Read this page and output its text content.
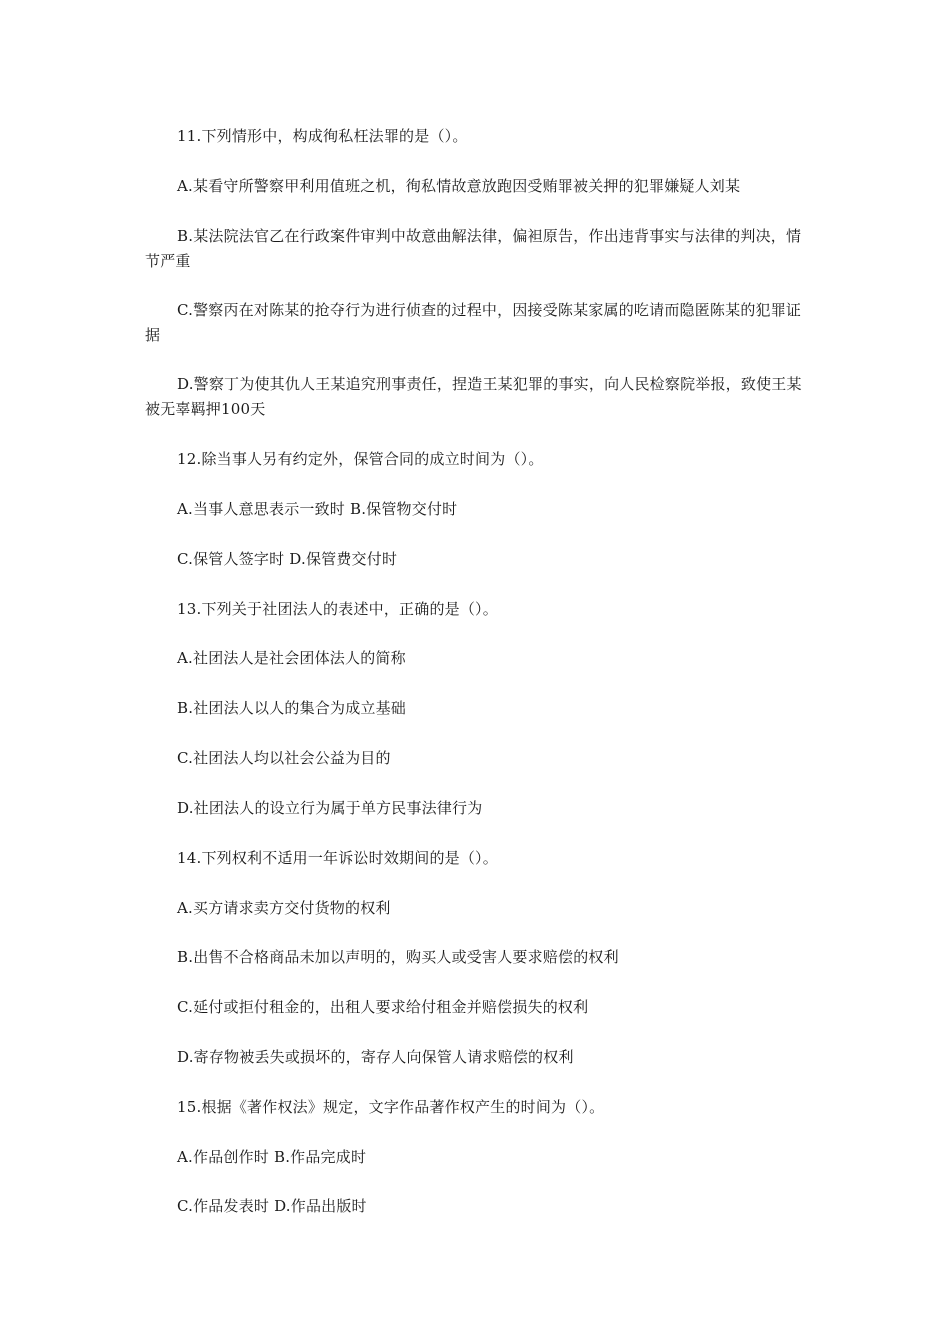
11.下列情形中，构成徇私枉法罪的是（）。

A.某看守所警察甲利用值班之机，徇私情故意放跑因受贿罪被关押的犯罪嫌疑人刘某

B.某法院法官乙在行政案件审判中故意曲解法律，偏袒原告，作出违背事实与法律的判决，情节严重

C.警察丙在对陈某的抢夺行为进行侦查的过程中，因接受陈某家属的吃请而隐匿陈某的犯罪证据

D.警察丁为使其仇人王某追究刑事责任，捏造王某犯罪的事实，向人民检察院举报，致使王某被无辜羁押100天

12.除当事人另有约定外，保管合同的成立时间为（）。

A.当事人意思表示一致时 B.保管物交付时

C.保管人签字时 D.保管费交付时

13.下列关于社团法人的表述中，正确的是（）。

A.社团法人是社会团体法人的简称

B.社团法人以人的集合为成立基础

C.社团法人均以社会公益为目的

D.社团法人的设立行为属于单方民事法律行为

14.下列权利不适用一年诉讼时效期间的是（）。

A.买方请求卖方交付货物的权利

B.出售不合格商品未加以声明的，购买人或受害人要求赔偿的权利

C.延付或拒付租金的，出租人要求给付租金并赔偿损失的权利

D.寄存物被丢失或损坏的，寄存人向保管人请求赔偿的权利

15.根据《著作权法》规定，文字作品著作权产生的时间为（）。

A.作品创作时 B.作品完成时

C.作品发表时 D.作品出版时
